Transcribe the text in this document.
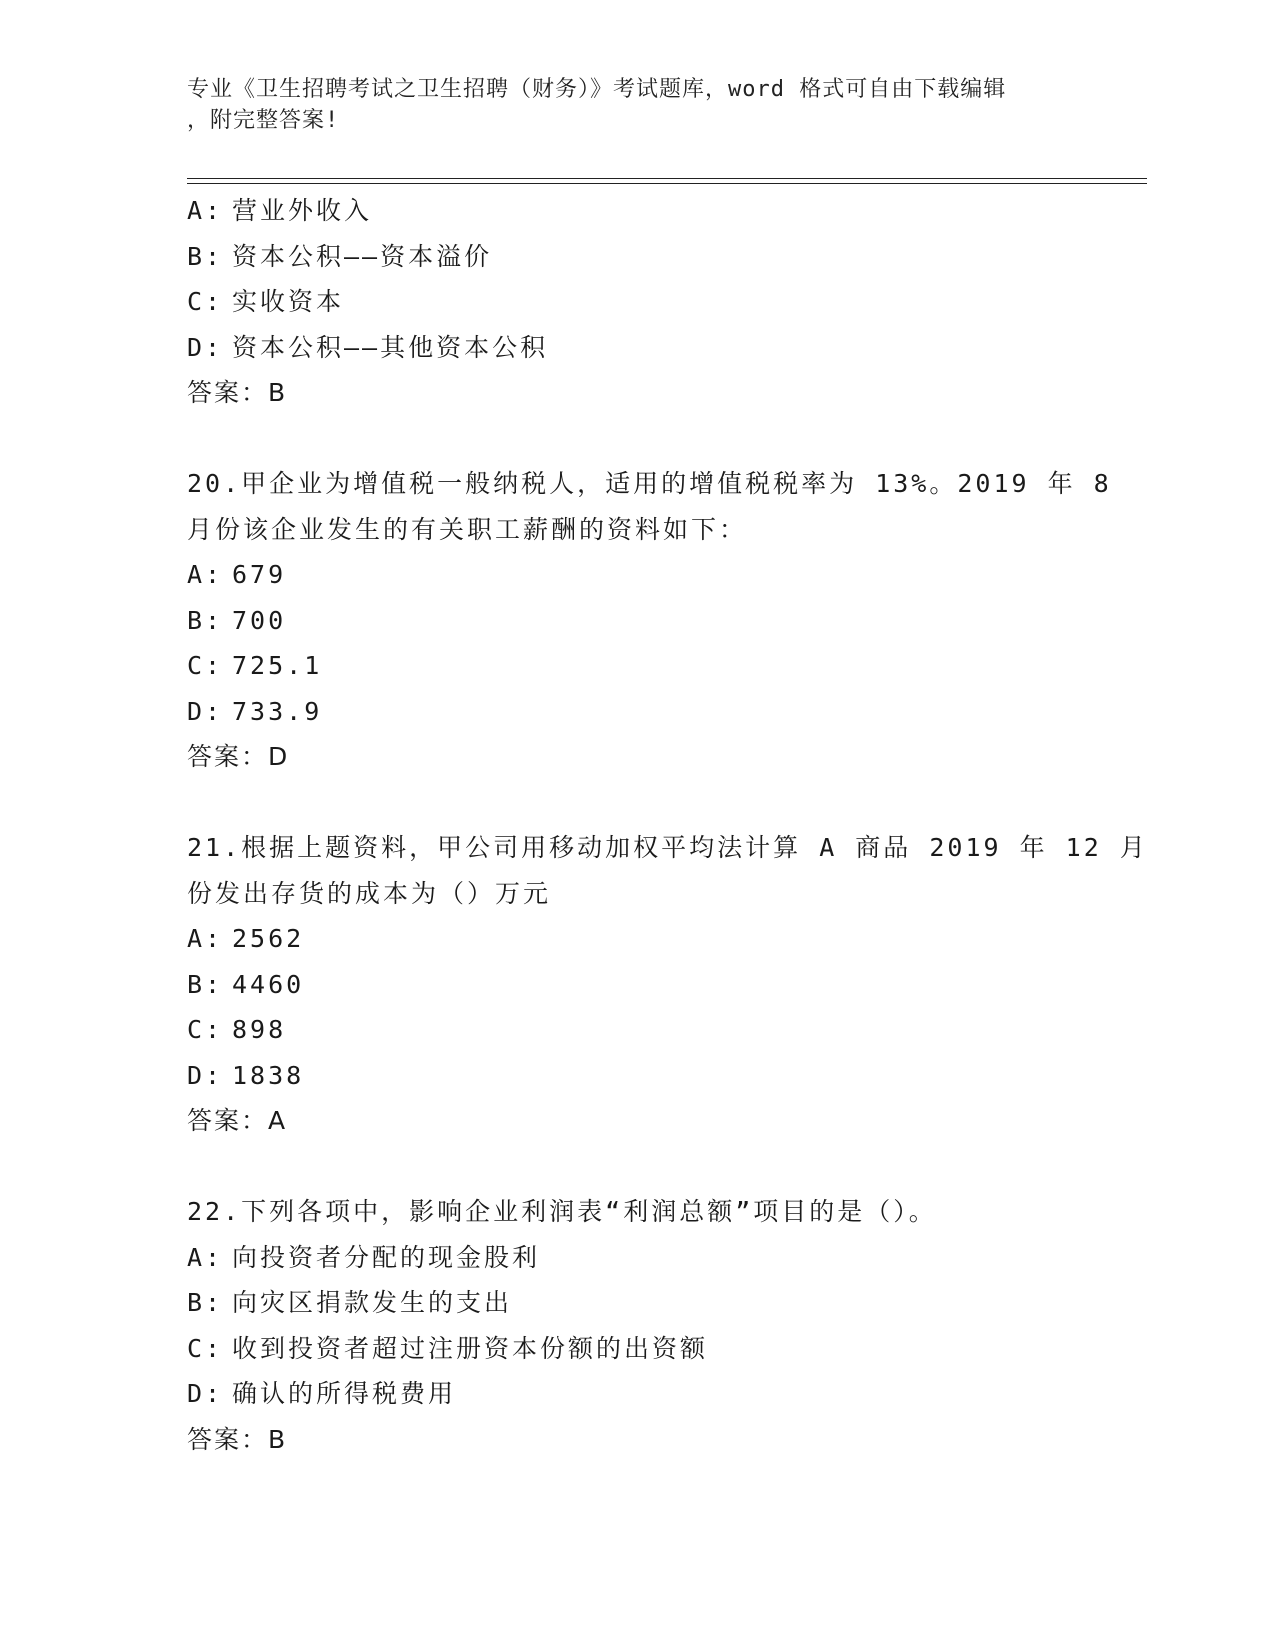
专业《卫生招聘考试之卫生招聘（财务）》考试题库，word 格式可自由下载编辑
，附完整答案!
A: 营业外收入
B: 资本公积——资本溢价
C: 实收资本
D: 资本公积——其他资本公积
答案：B
20.甲企业为增值税一般纳税人，适用的增值税税率为 13%。2019 年 8
月份该企业发生的有关职工薪酬的资料如下：
A: 679
B: 700
C: 725.1
D: 733.9
答案：D
21.根据上题资料，甲公司用移动加权平均法计算 A 商品 2019 年 12 月
份发出存货的成本为（）万元
A: 2562
B: 4460
C: 898
D: 1838
答案：A
22.下列各项中，影响企业利润表“利润总额”项目的是（）。
A: 向投资者分配的现金股利
B: 向灾区捐款发生的支出
C: 收到投资者超过注册资本份额的出资额
D: 确认的所得税费用
答案：B
